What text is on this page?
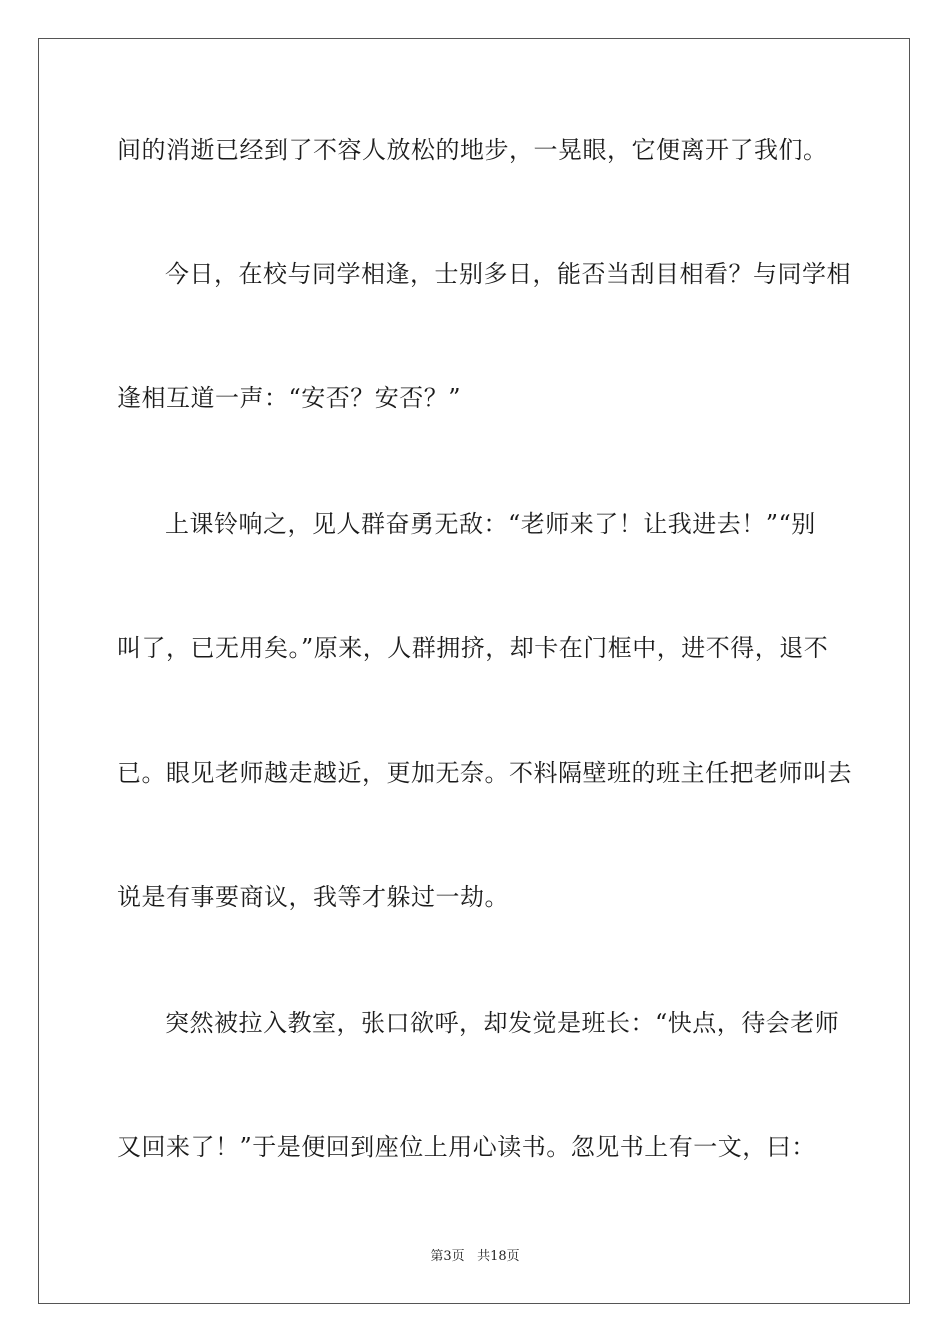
间的消逝已经到了不容人放松的地步，一晃眼，它便离开了我们。
今日，在校与同学相逢，士别多日，能否当刮目相看？与同学相
逢相互道一声：“安否？安否？”
上课铃响之，见人群奋勇无敌：“老师来了！让我进去！”“别
叫了，已无用矣。”原来，人群拥挤，却卡在门框中，进不得，退不
已。眼见老师越走越近，更加无奈。不料隔壁班的班主任把老师叫去
说是有事要商议，我等才躲过一劫。
突然被拉入教室，张口欲呼，却发觉是班长：“快点，待会老师
又回来了！”于是便回到座位上用心读书。忽见书上有一文，曰：
第3页 共18页
